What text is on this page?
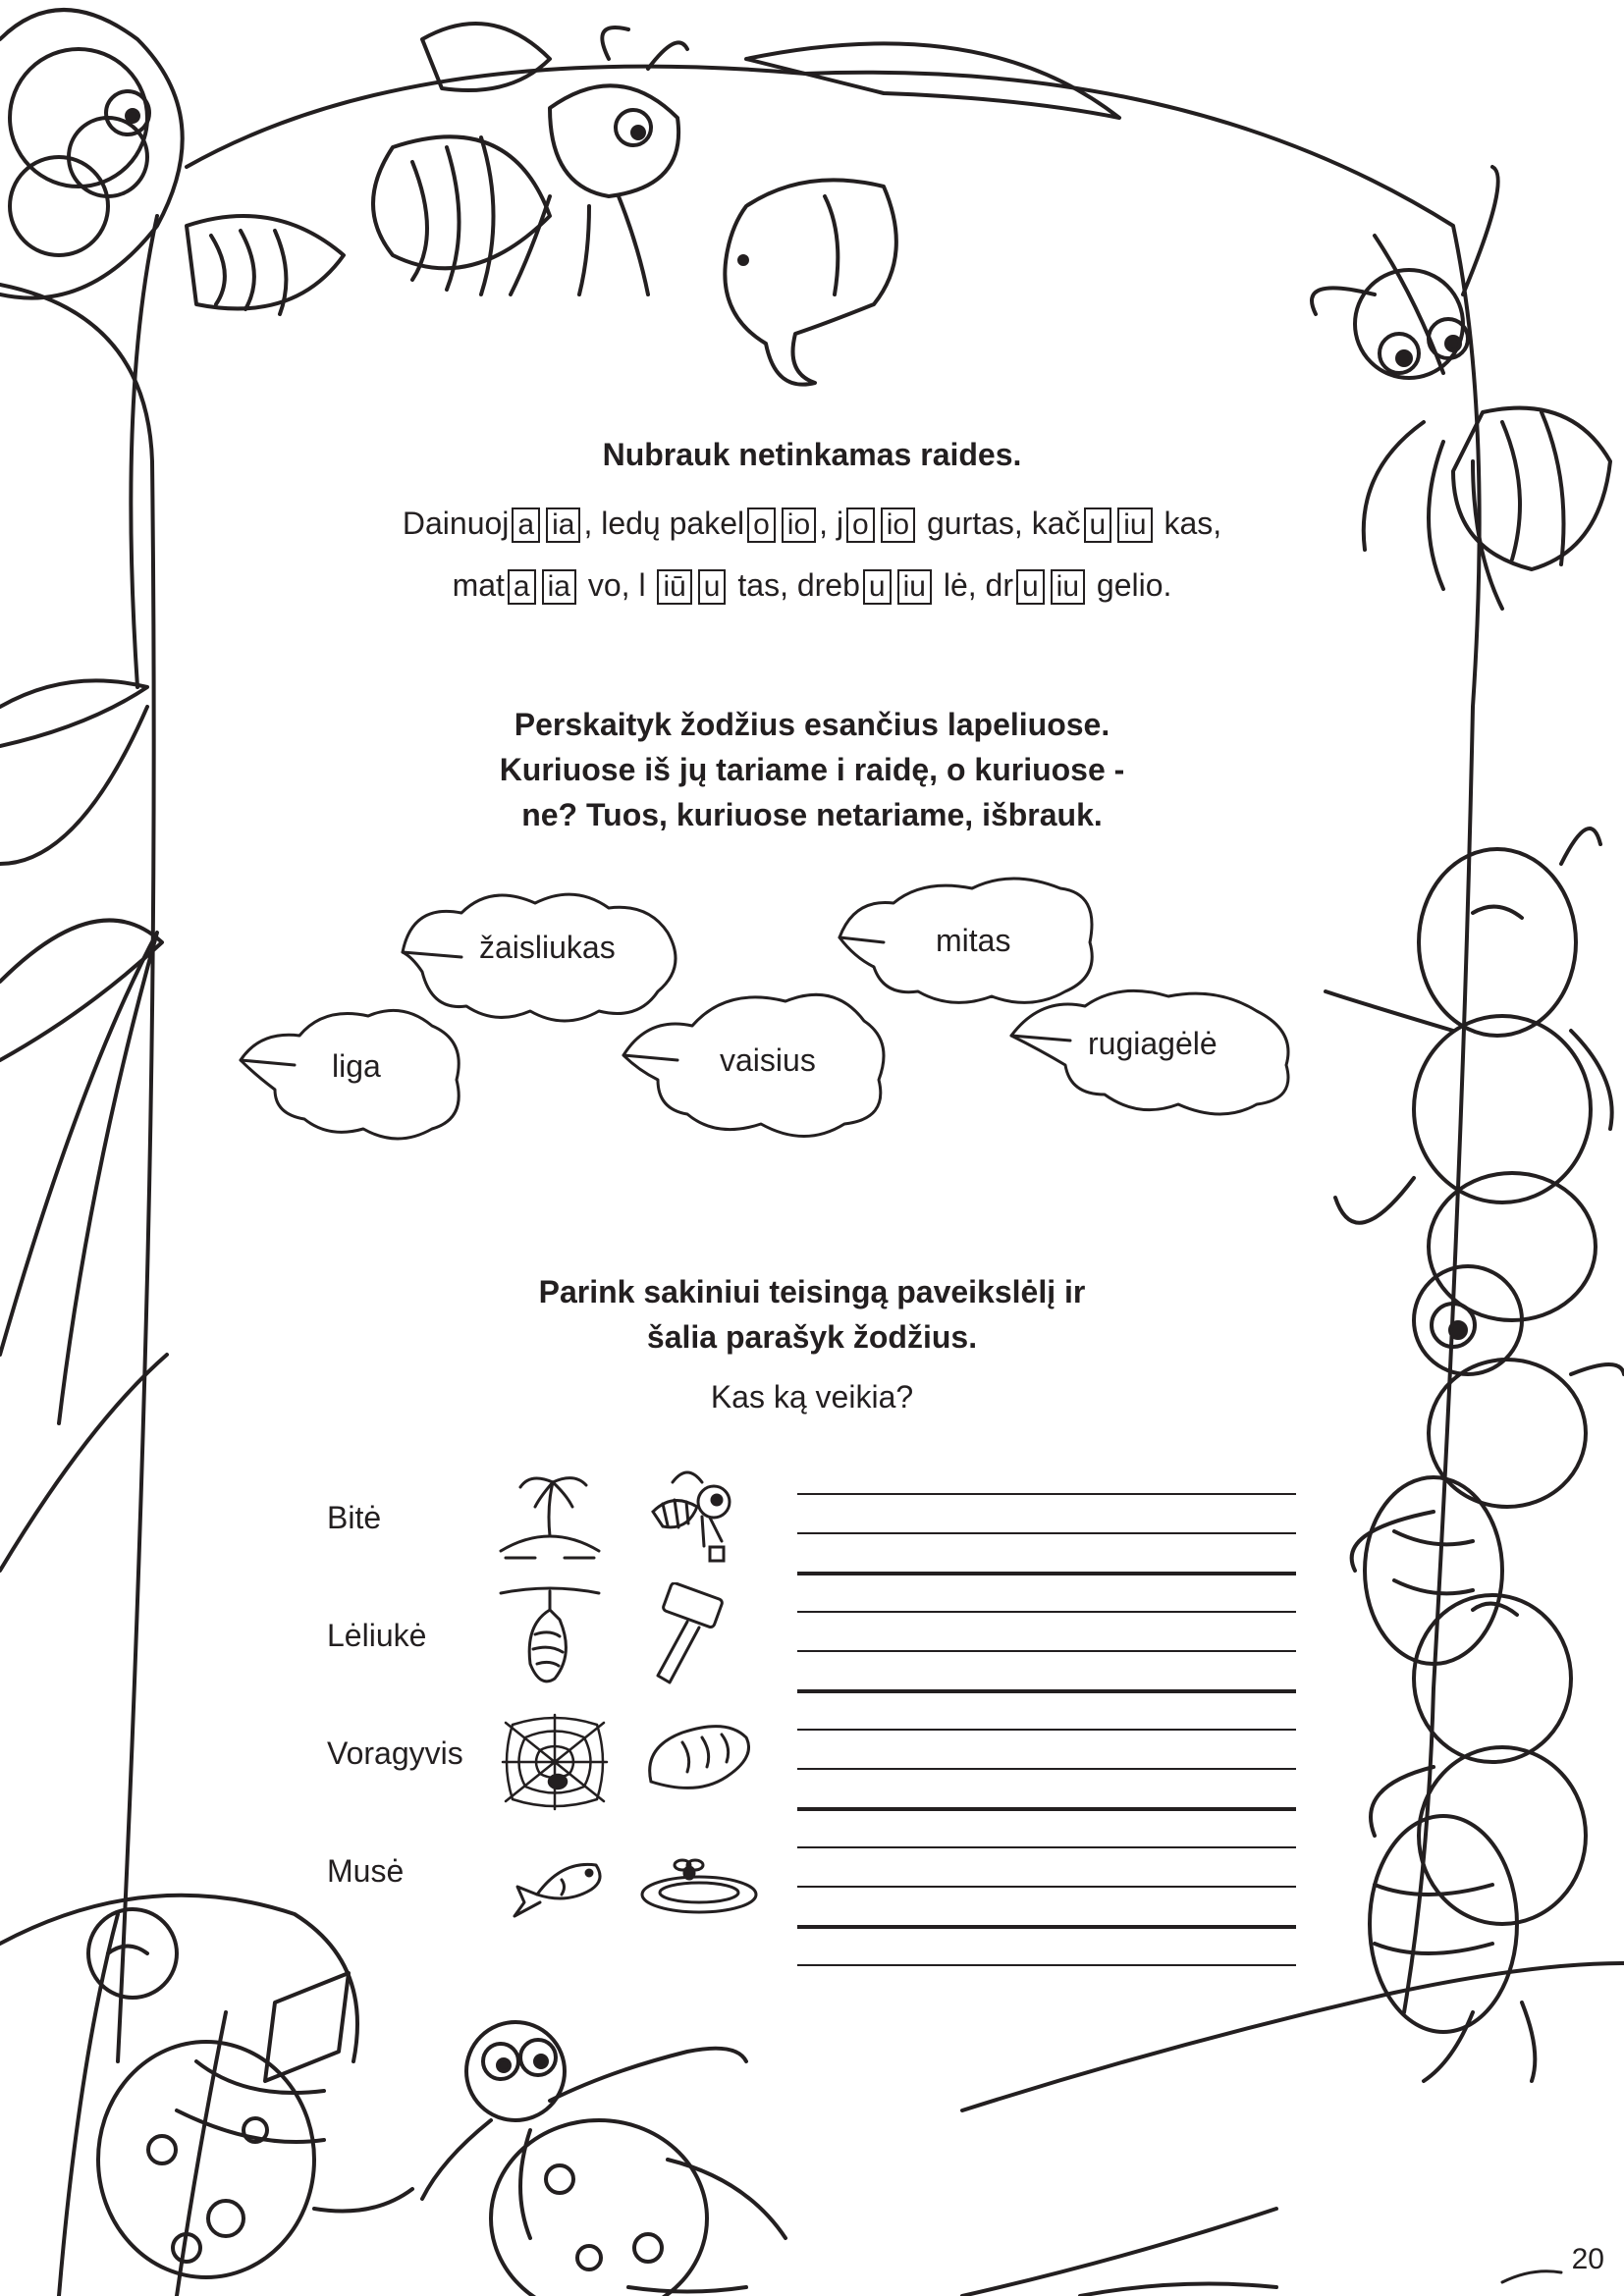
Nubrauk netinkamas raides.
Dainuoj a ia , ledų pakel o io , j o io gurtas, kač u iu kas,
mat a ia vo, l iū u tas, dreb u iu lė, dr u iu gelio.
Perskaityk žodžius esančius lapeliuose.
Kuriuose iš jų tariame i raidę, o kuriuose -
ne? Tuos, kuriuose netariame, išbrauk.
žaisliukas	mitas
liga	vaisius	rugiagėlė
Parink sakiniui teisingą paveikslėlį ir
šalia parašyk žodžius.
Kas ką veikia?
Bitė
Lėliukė
Voragyvis
Musė
20
